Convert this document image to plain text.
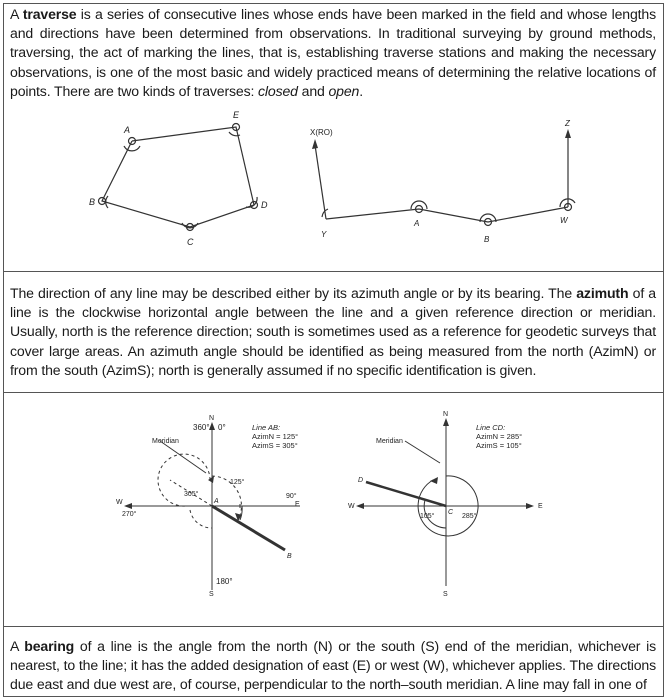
A traverse is a series of consecutive lines whose ends have been marked in the field and whose lengths and directions have been determined from observations. In traditional surveying by ground methods, traversing, the act of marking the lines, that is, establishing traverse stations and making the necessary observations, is one of the most basic and widely practiced means of determining the relative locations of points. There are two kinds of traverses: closed and open.

A
E
D
C
B
X(RO)
Y
A
B
W
Z

The direction of any line may be described either by its azimuth angle or by its bearing. The azimuth of a line is the clockwise horizontal angle between the line and a given reference direction or meridian. Usually, north is the reference direction; south is sometimes used as a reference for geodetic surveys that cover large areas. An azimuth angle should be identified as being measured from the north (AzimN) or from the south (AzimS); north is generally assumed if no specific identification is given.

N
360° 0°
Meridian
Line AB:
AzimN = 125°
AzimS = 305°
125°
305°
A
90°
E
W
270°
B
180°
S
N
Meridian
Line CD:
AzimN = 285°
AzimS = 105°
D
C
105°	285°
E
W
S

A bearing of a line is the angle from the north (N) or the south (S) end of the meridian, whichever is nearest, to the line; it has the added designation of east (E) or west (W), whichever applies. The directions due east and due west are, of course, perpendicular to the north–south meridian. A line may fall in one of
